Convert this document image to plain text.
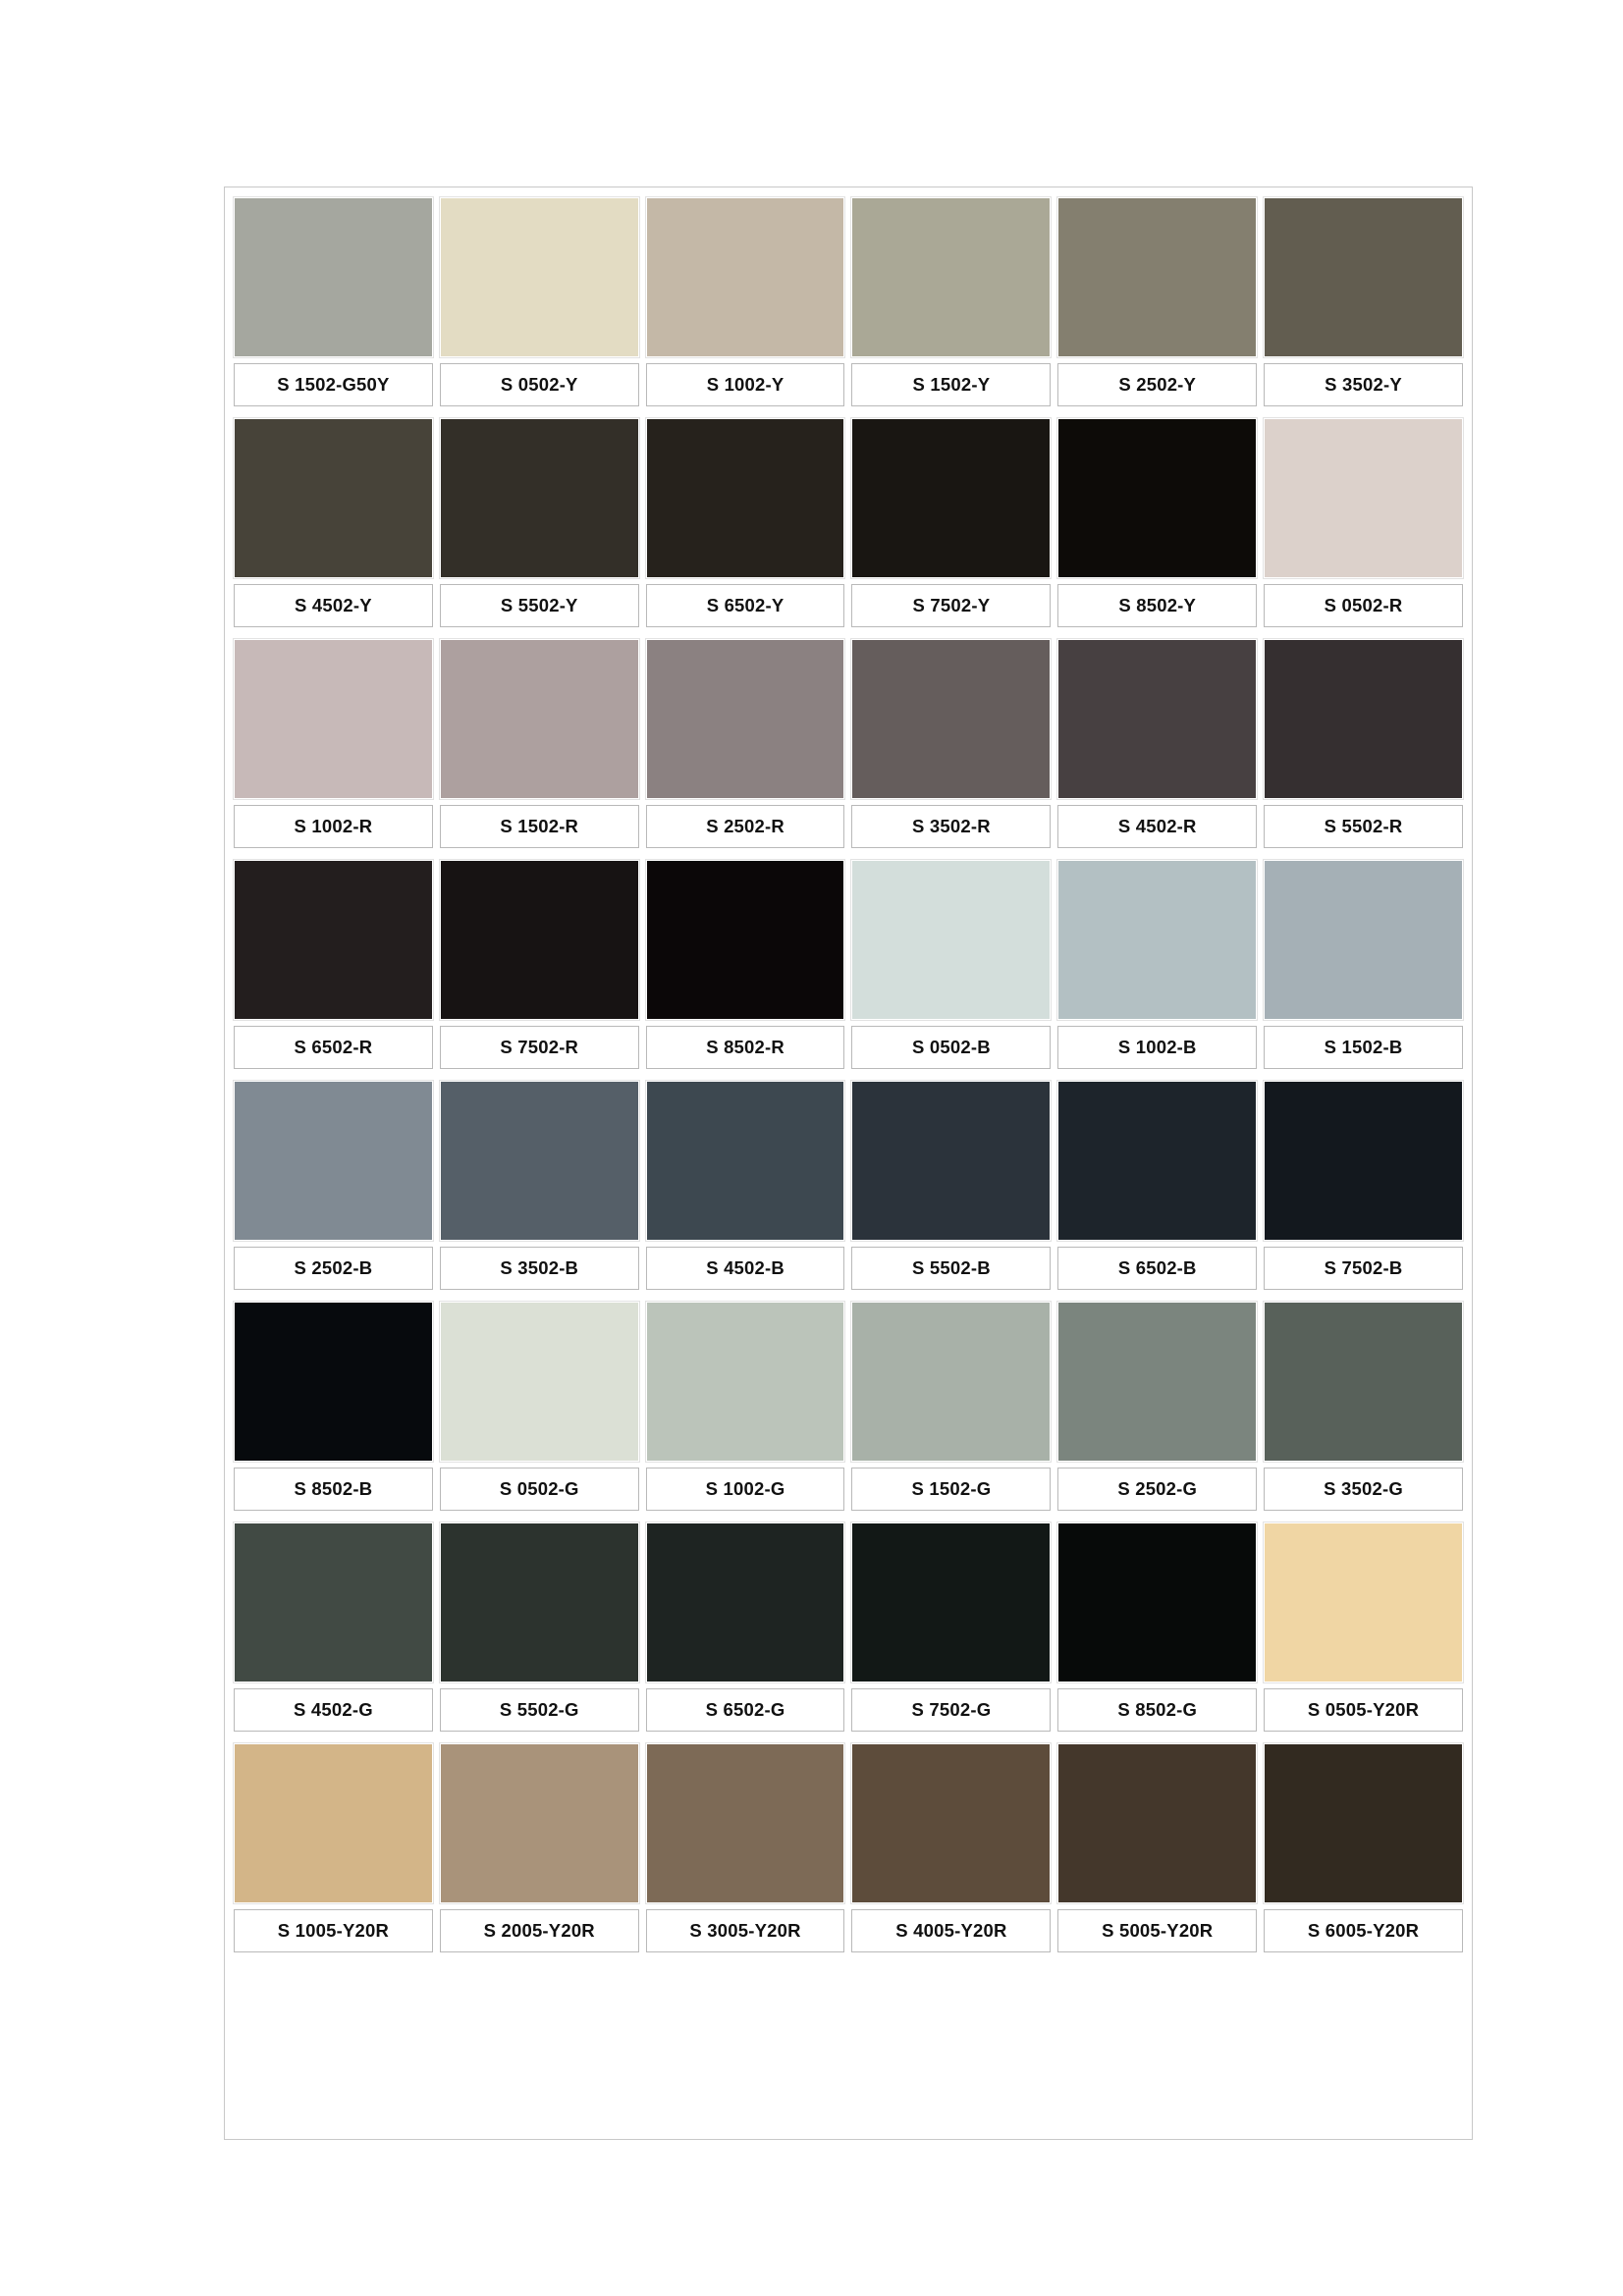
S 1502-G50Y	S 0502-Y	S 1002-Y	S 1502-Y	S 2502-Y	S 3502-Y
S 4502-Y	S 5502-Y	S 6502-Y	S 7502-Y	S 8502-Y	S 0502-R
S 1002-R	S 1502-R	S 2502-R	S 3502-R	S 4502-R	S 5502-R
S 6502-R	S 7502-R	S 8502-R	S 0502-B	S 1002-B	S 1502-B
S 2502-B	S 3502-B	S 4502-B	S 5502-B	S 6502-B	S 7502-B
S 8502-B	S 0502-G	S 1002-G	S 1502-G	S 2502-G	S 3502-G
S 4502-G	S 5502-G	S 6502-G	S 7502-G	S 8502-G	S 0505-Y20R
S 1005-Y20R	S 2005-Y20R	S 3005-Y20R	S 4005-Y20R	S 5005-Y20R	S 6005-Y20R
